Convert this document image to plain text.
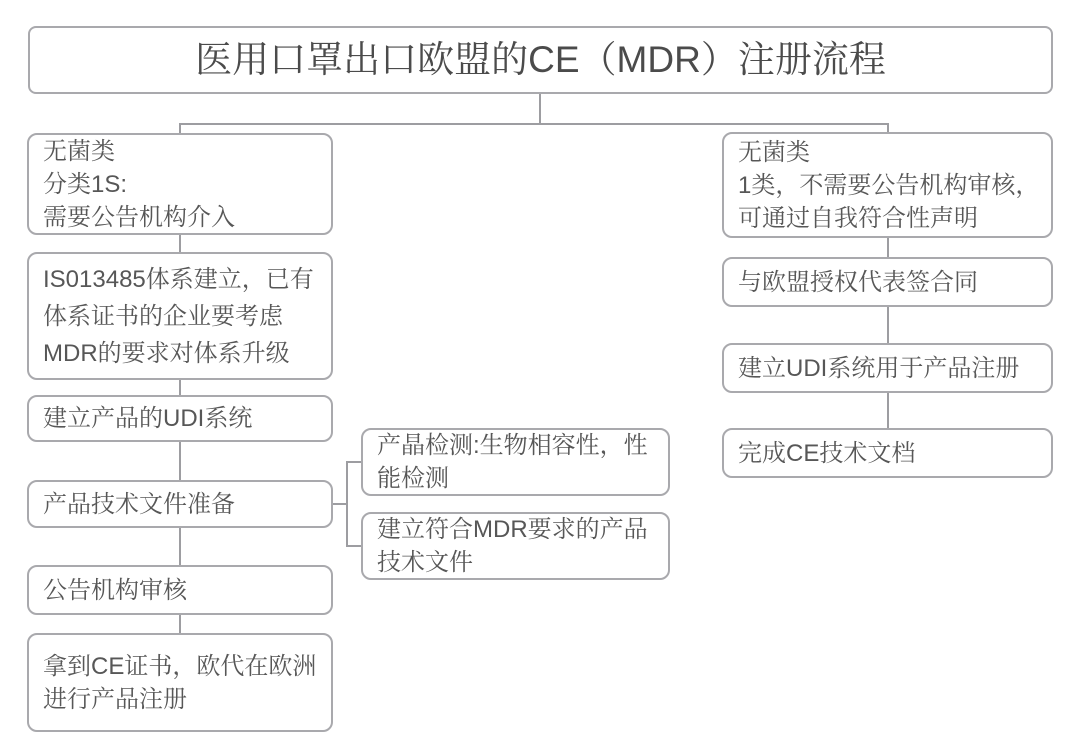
医用口罩出口欧盟的CE（MDR）注册流程
无菌类
分类1S:
需要公告机构介入
IS013485体系建立，已有
体系证书的企业要考虑
MDR的要求对体系升级
建立产品的UDI系统
产品技术文件准备
公告机构审核
拿到CE证书，欧代在欧洲
进行产品注册
产晶检测:生物相容性，性
能检测
建立符合MDR要求的产品
技术文件
无菌类
1类，不需要公告机构审核，
可通过自我符合性声明
与欧盟授权代表签合同
建立UDI系统用于产品注册
完成CE技术文档
